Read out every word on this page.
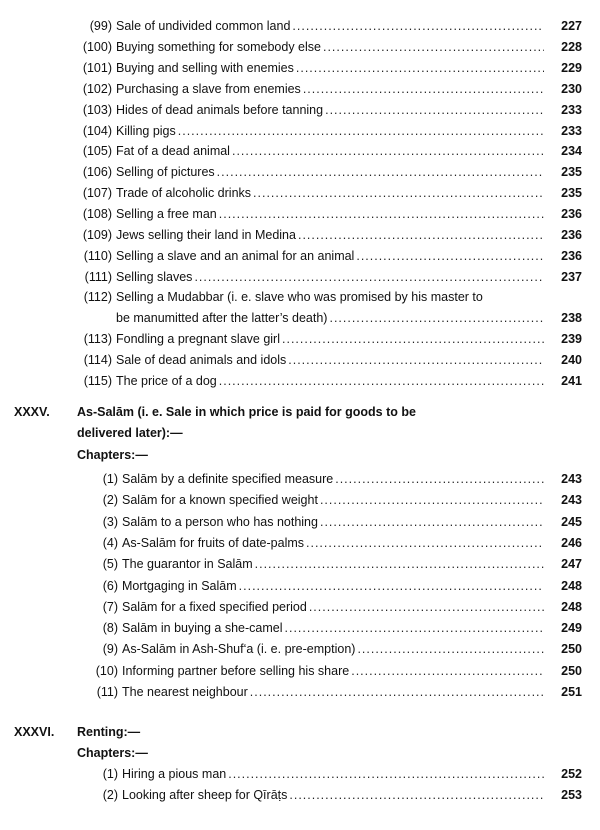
(99) Sale of undivided common land .....	227
(100) Buying something for somebody else .....	228
(101) Buying and selling with enemies .....	229
(102) Purchasing a slave from enemies .....	230
(103) Hides of dead animals before tanning .....	233
(104) Killing pigs .....	233
(105) Fat of a dead animal .....	234
(106) Selling of pictures .....	235
(107) Trade of alcoholic drinks .....	235
(108) Selling a free man .....	236
(109) Jews selling their land in Medina .....	236
(110) Selling a slave and an animal for an animal .....	236
(111) Selling slaves .....	237
(112) Selling a Mudabbar (i. e. slave who was promised by his master to
be manumitted after the latter’s death) .....	238
(113) Fondling a pregnant slave girl .....	239
(114) Sale of dead animals and idols .....	240
(115) The price of a dog .....	241
XXXV. As-Salām (i. e. Sale in which price is paid for goods to be
delivered later):—
Chapters:—
(1) Salām by a definite specified measure .....	243
(2) Salām for a known specified weight .....	243
(3) Salām to a person who has nothing .....	245
(4) As-Salām for fruits of date-palms .....	246
(5) The guarantor in Salām .....	247
(6) Mortgaging in Salām .....	248
(7) Salām for a fixed specified period .....	248
(8) Salām in buying a she-camel .....	249
(9) As-Salām in Ash-Shuf‘a (i. e. pre-emption) .....	250
(10) Informing partner before selling his share .....	250
(11) The nearest neighbour .....	251
XXXVI. Renting:—
Chapters:—
(1) Hiring a pious man .....	252
(2) Looking after sheep for Qīrāṭs .....	253
